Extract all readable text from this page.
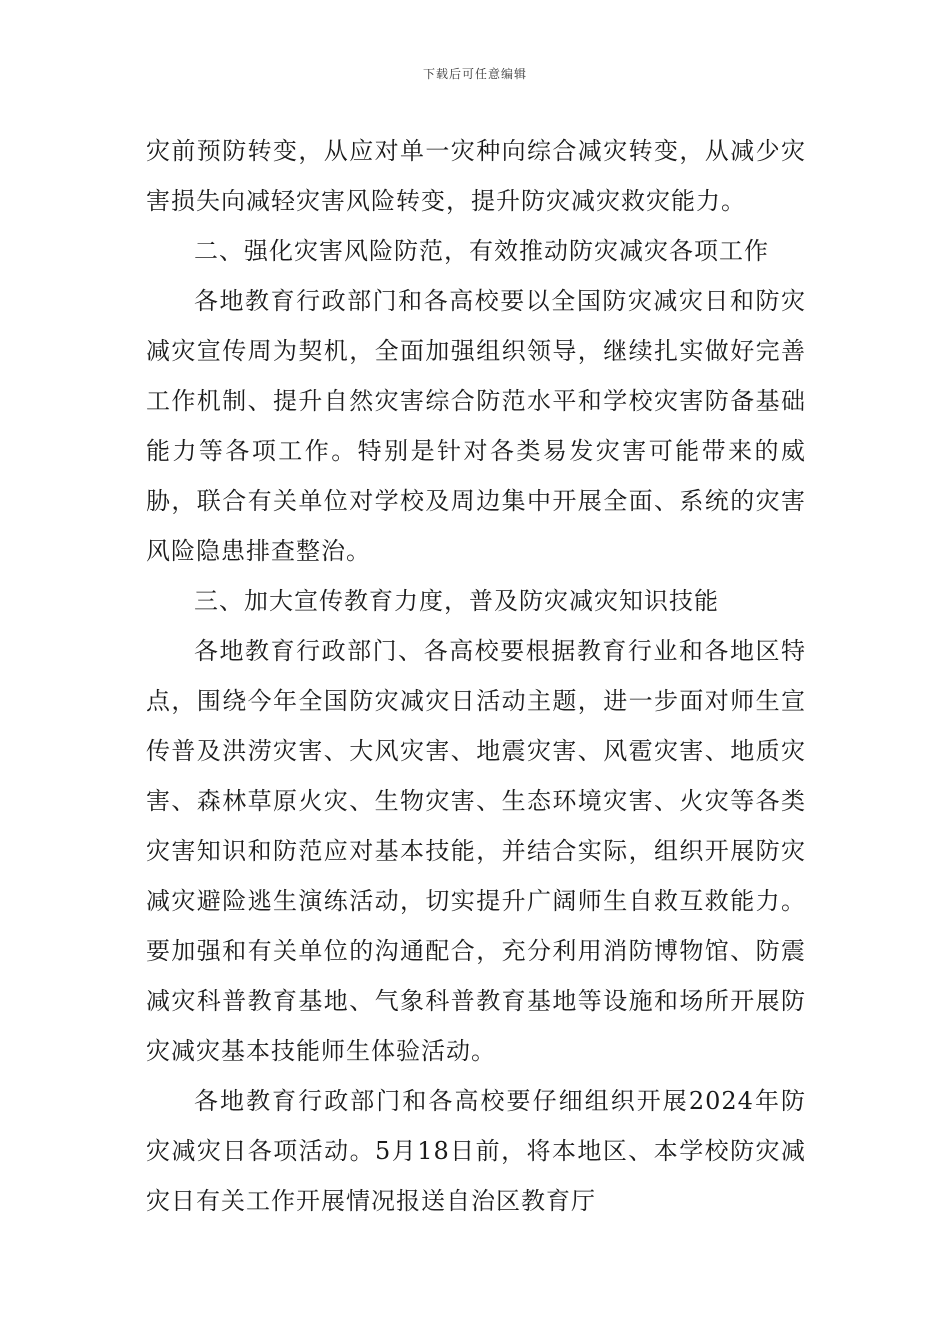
下载后可任意编辑

灾前预防转变，从应对单一灾种向综合减灾转变，从减少灾害损失向减轻灾害风险转变，提升防灾减灾救灾能力。

二、强化灾害风险防范，有效推动防灾减灾各项工作

各地教育行政部门和各高校要以全国防灾减灾日和防灾减灾宣传周为契机，全面加强组织领导，继续扎实做好完善工作机制、提升自然灾害综合防范水平和学校灾害防备基础能力等各项工作。特别是针对各类易发灾害可能带来的威胁，联合有关单位对学校及周边集中开展全面、系统的灾害风险隐患排查整治。

三、加大宣传教育力度，普及防灾减灾知识技能

各地教育行政部门、各高校要根据教育行业和各地区特点，围绕今年全国防灾减灾日活动主题，进一步面对师生宣传普及洪涝灾害、大风灾害、地震灾害、风雹灾害、地质灾害、森林草原火灾、生物灾害、生态环境灾害、火灾等各类灾害知识和防范应对基本技能，并结合实际，组织开展防灾减灾避险逃生演练活动，切实提升广阔师生自救互救能力。要加强和有关单位的沟通配合，充分利用消防博物馆、防震减灾科普教育基地、气象科普教育基地等设施和场所开展防灾减灾基本技能师生体验活动。

各地教育行政部门和各高校要仔细组织开展2024年防灾减灾日各项活动。5月18日前，将本地区、本学校防灾减灾日有关工作开展情况报送自治区教育厅
